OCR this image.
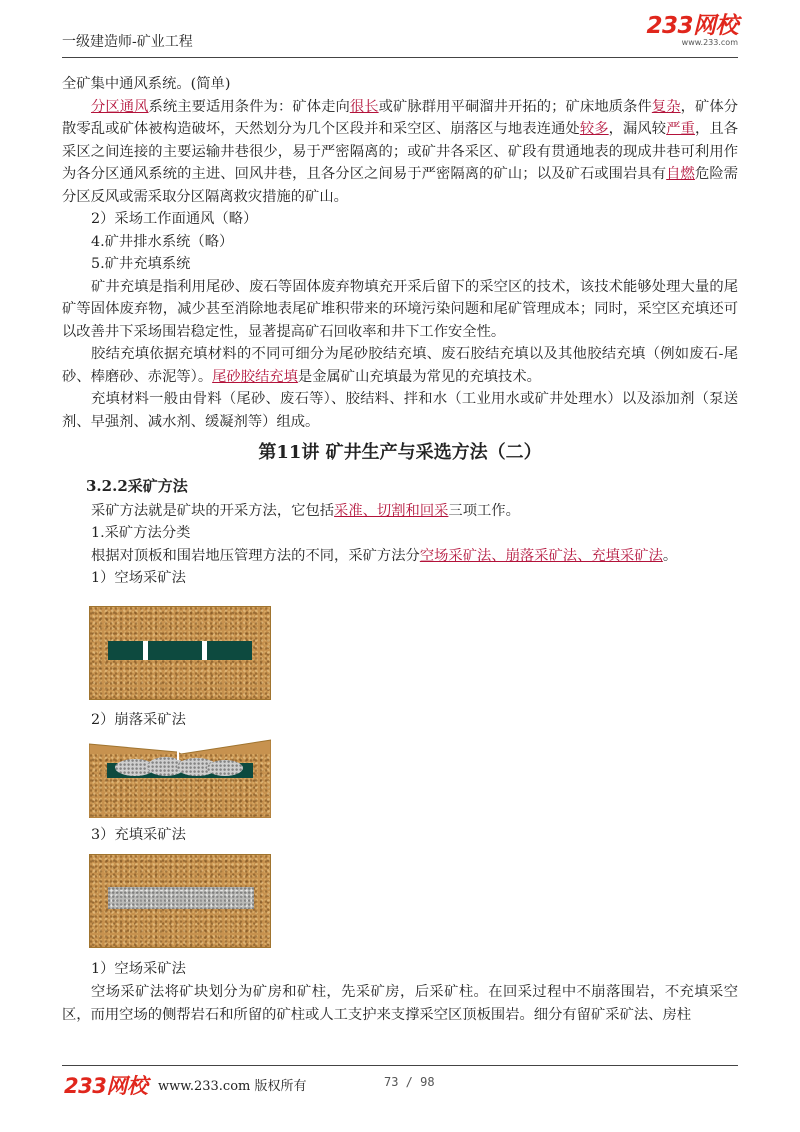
一级建造师-矿业工程
233网校
www.233.com

全矿集中通风系统。(简单)

分区通风系统主要适用条件为：矿体走向很长或矿脉群用平硐溜井开拓的；矿床地质条件复杂，矿体分散零乱或矿体被构造破坏，天然划分为几个区段并和采空区、崩落区与地表连通处较多，漏风较严重，且各采区之间连接的主要运输井巷很少，易于严密隔离的；或矿井各采区、矿段有贯通地表的现成井巷可利用作为各分区通风系统的主进、回风井巷，且各分区之间易于严密隔离的矿山；以及矿石或围岩具有自燃危险需分区反风或需采取分区隔离救灾措施的矿山。

2）采场工作面通风（略）

4.矿井排水系统（略）

5.矿井充填系统

矿井充填是指利用尾砂、废石等固体废弃物填充开采后留下的采空区的技术，该技术能够处理大量的尾矿等固体废弃物，减少甚至消除地表尾矿堆积带来的环境污染问题和尾矿管理成本；同时，采空区充填还可以改善井下采场围岩稳定性，显著提高矿石回收率和井下工作安全性。

胶结充填依据充填材料的不同可细分为尾砂胶结充填、废石胶结充填以及其他胶结充填（例如废石-尾砂、棒磨砂、赤泥等）。尾砂胶结充填是金属矿山充填最为常见的充填技术。

充填材料一般由骨料（尾砂、废石等）、胶结料、拌和水（工业用水或矿井处理水）以及添加剂（泵送剂、早强剂、减水剂、缓凝剂等）组成。

第11讲 矿井生产与采选方法（二）
3.2.2采矿方法

采矿方法就是矿块的开采方法，它包括采准、切割和回采三项工作。

1.采矿方法分类

根据对顶板和围岩地压管理方法的不同，采矿方法分空场采矿法、崩落采矿法、充填采矿法。

1）空场采矿法

2）崩落采矿法
3）充填采矿法
1）空场采矿法

空场采矿法将矿块划分为矿房和矿柱，先采矿房，后采矿柱。在回采过程中不崩落围岩，不充填采空区，而用空场的侧帮岩石和所留的矿柱或人工支护来支撑采空区顶板围岩。细分有留矿采矿法、房柱

233网校 www.233.com 版权所有	73 / 98
